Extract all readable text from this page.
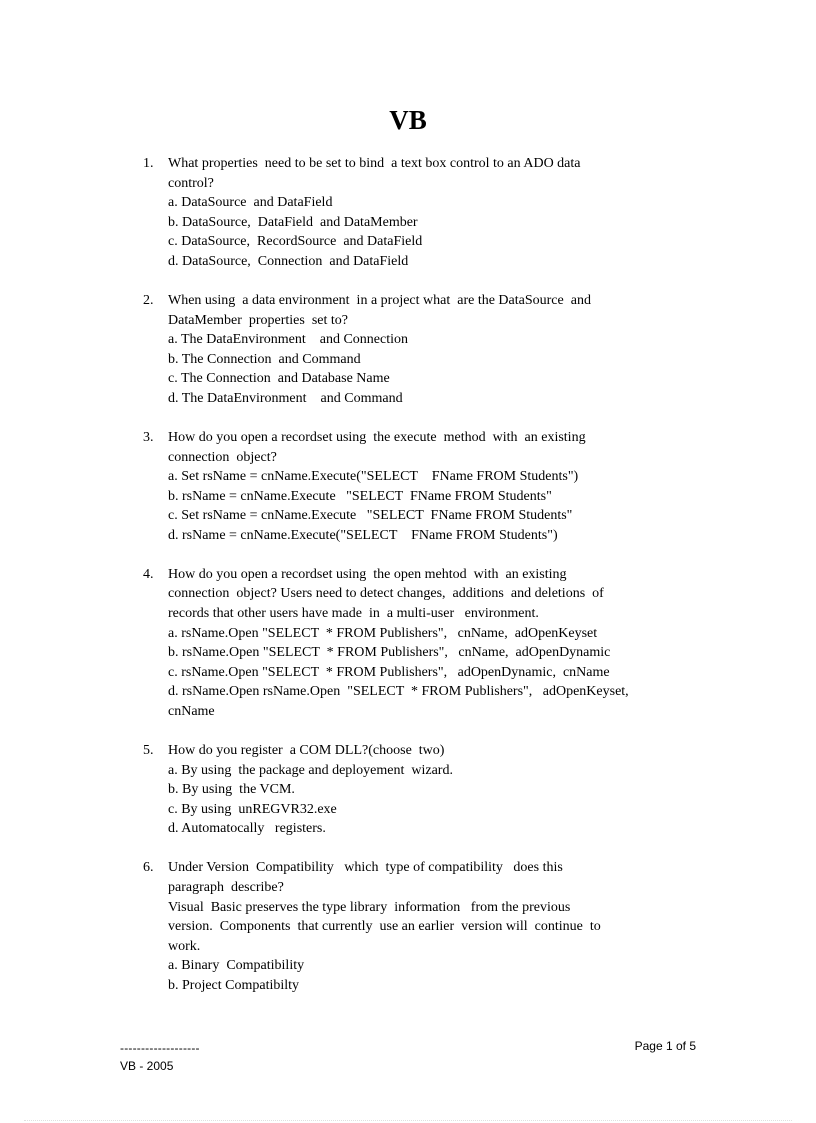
VB
1. What properties  need to be set to bind  a text box control to an ADO data
control?
a. DataSource  and DataField
b. DataSource,  DataField  and DataMember
c. DataSource,  RecordSource  and DataField
d. DataSource,  Connection  and DataField
2. When using  a data environment  in a project what  are the DataSource  and
DataMember  properties  set to?
a. The DataEnvironment    and Connection
b. The Connection  and Command
c. The Connection  and Database Name
d. The DataEnvironment    and Command
3. How do you open a recordset using  the execute  method  with  an existing
connection  object?
a. Set rsName = cnName.Execute("SELECT    FName FROM Students")
b. rsName = cnName.Execute   "SELECT  FName FROM Students"
c. Set rsName = cnName.Execute   "SELECT  FName FROM Students"
d. rsName = cnName.Execute("SELECT    FName FROM Students")
4. How do you open a recordset using  the open mehtod  with  an existing
connection  object? Users need to detect changes,  additions  and deletions  of
records that other users have made  in  a multi-user   environment.
a. rsName.Open "SELECT  * FROM Publishers",   cnName,  adOpenKeyset
b. rsName.Open "SELECT  * FROM Publishers",   cnName,  adOpenDynamic
c. rsName.Open "SELECT  * FROM Publishers",   adOpenDynamic,  cnName
d. rsName.Open rsName.Open  "SELECT  * FROM Publishers",   adOpenKeyset,
cnName
5. How do you register  a COM DLL?(choose  two)
a. By using  the package and deployement  wizard.
b. By using  the VCM.
c. By using  unREGVR32.exe
d. Automatocally   registers.
6. Under Version  Compatibility   which  type of compatibility   does this
paragraph  describe?
Visual  Basic preserves the type library  information   from the previous
version.  Components  that currently  use an earlier  version will  continue  to
work.
a. Binary  Compatibility
b. Project Compatibilty
-------------------
VB - 2005
Page 1 of 5
